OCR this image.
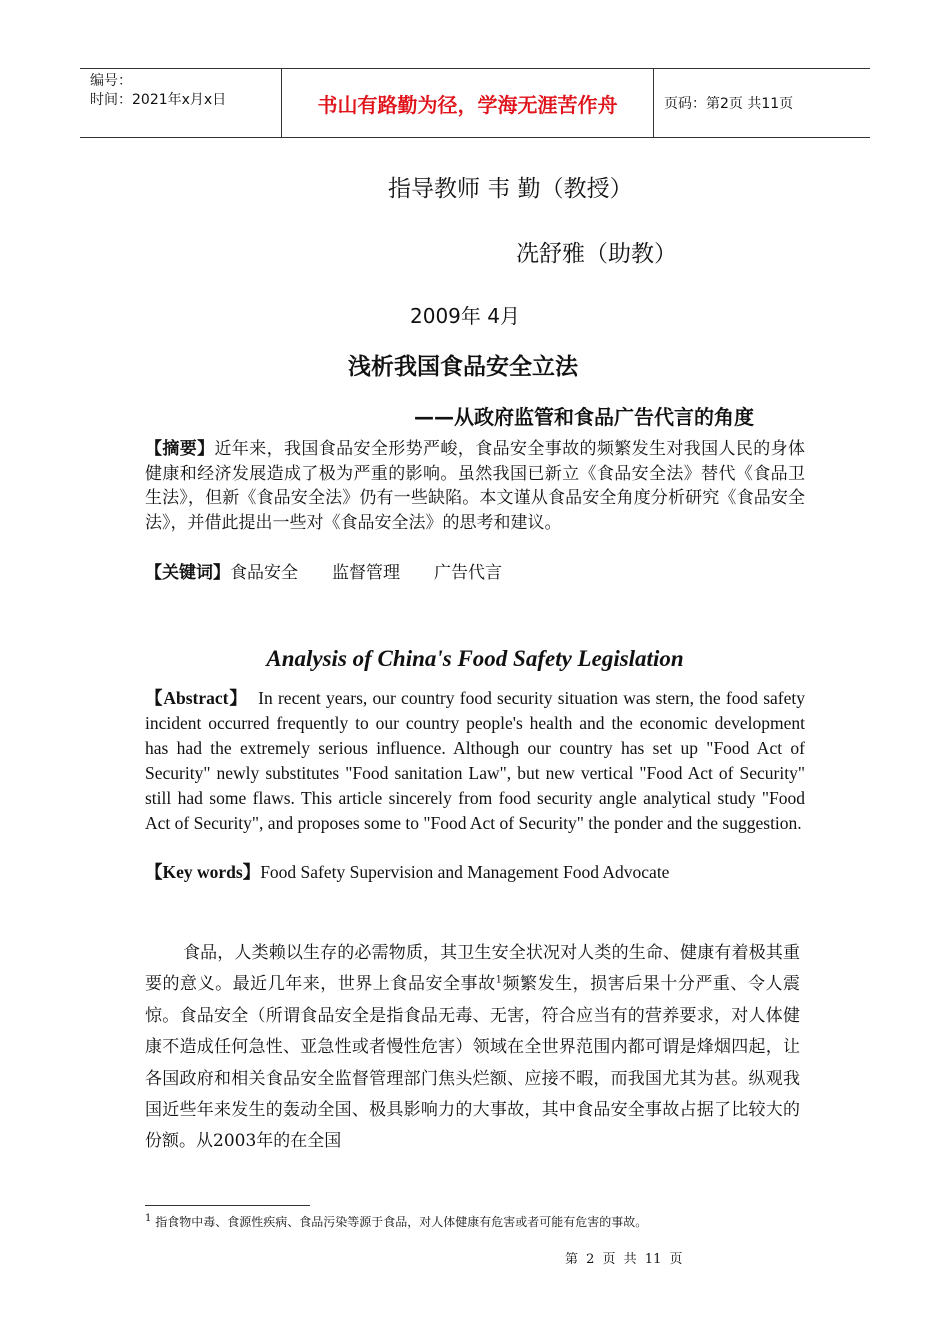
编号：
时间：2021年x月x日	书山有路勤为径，学海无涯苦作舟	页码：第2页 共11页
指导教师 韦 勤（教授）
冼舒雅（助教）
2009年 4月
浅析我国食品安全立法
——从政府监管和食品广告代言的角度
【摘要】近年来，我国食品安全形势严峻，食品安全事故的频繁发生对我国人民的身体健康和经济发展造成了极为严重的影响。虽然我国已新立《食品安全法》替代《食品卫生法》，但新《食品安全法》仍有一些缺陷。本文谨从食品安全角度分析研究《食品安全法》，并借此提出一些对《食品安全法》的思考和建议。
【关键词】食品安全 监督管理 广告代言
Analysis of China's Food Safety Legislation
【Abstract】 In recent years, our country food security situation was stern, the food safety incident occurred frequently to our country people's health and the economic development has had the extremely serious influence. Although our country has set up "Food Act of Security" newly substitutes "Food sanitation Law", but new vertical "Food Act of Security" still had some flaws. This article sincerely from food security angle analytical study "Food Act of Security", and proposes some to "Food Act of Security" the ponder and the suggestion.
【Key words】Food Safety Supervision and Management Food Advocate
食品，人类赖以生存的必需物质，其卫生安全状况对人类的生命、健康有着极其重要的意义。最近几年来，世界上食品安全事故$^1$频繁发生，损害后果十分严重、令人震惊。食品安全（所谓食品安全是指食品无毒、无害，符合应当有的营养要求，对人体健康不造成任何急性、亚急性或者慢性危害）领域在全世界范围内都可谓是烽烟四起，让各国政府和相关食品安全监督管理部门焦头烂额、应接不暇，而我国尤其为甚。纵观我国近些年来发生的轰动全国、极具影响力的大事故，其中食品安全事故占据了比较大的份额。从2003年的在全国
$^1$ 指食物中毒、食源性疾病、食品污染等源于食品，对人体健康有危害或者可能有危害的事故。
第 2 页 共 11 页
